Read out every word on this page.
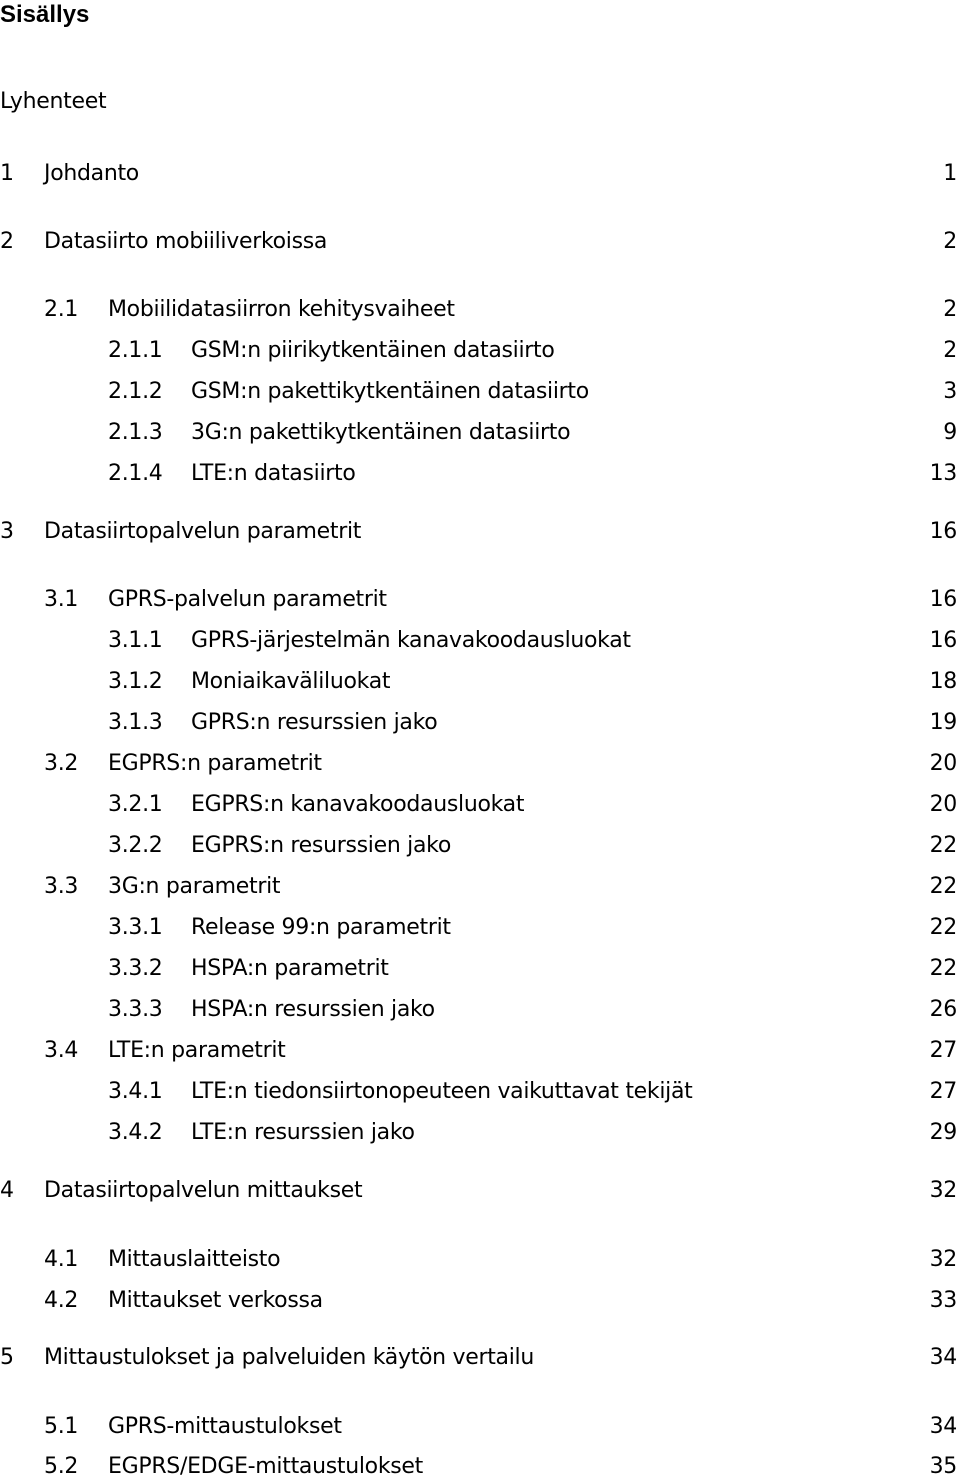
Sisällys
Lyhenteet
1 Johdanto	1
2 Datasiirto mobiiliverkoissa	2
2.1 Mobiilidatasiirron kehitysvaiheet	2
2.1.1 GSM:n piirikytkentäinen datasiirto	2
2.1.2 GSM:n pakettikytkentäinen datasiirto	3
2.1.3 3G:n pakettikytkentäinen datasiirto	9
2.1.4 LTE:n datasiirto	13
3 Datasiirtopalvelun parametrit	16
3.1 GPRS-palvelun parametrit	16
3.1.1 GPRS-järjestelmän kanavakoodausluokat	16
3.1.2 Moniaikaväliluokat	18
3.1.3 GPRS:n resurssien jako	19
3.2 EGPRS:n parametrit	20
3.2.1 EGPRS:n kanavakoodausluokat	20
3.2.2 EGPRS:n resurssien jako	22
3.3 3G:n parametrit	22
3.3.1 Release 99:n parametrit	22
3.3.2 HSPA:n parametrit	22
3.3.3 HSPA:n resurssien jako	26
3.4 LTE:n parametrit	27
3.4.1 LTE:n tiedonsiirtonopeuteen vaikuttavat tekijät	27
3.4.2 LTE:n resurssien jako	29
4 Datasiirtopalvelun mittaukset	32
4.1 Mittauslaitteisto	32
4.2 Mittaukset verkossa	33
5 Mittaustulokset ja palveluiden käytön vertailu	34
5.1 GPRS-mittaustulokset	34
5.2 EGPRS/EDGE-mittaustulokset	35
